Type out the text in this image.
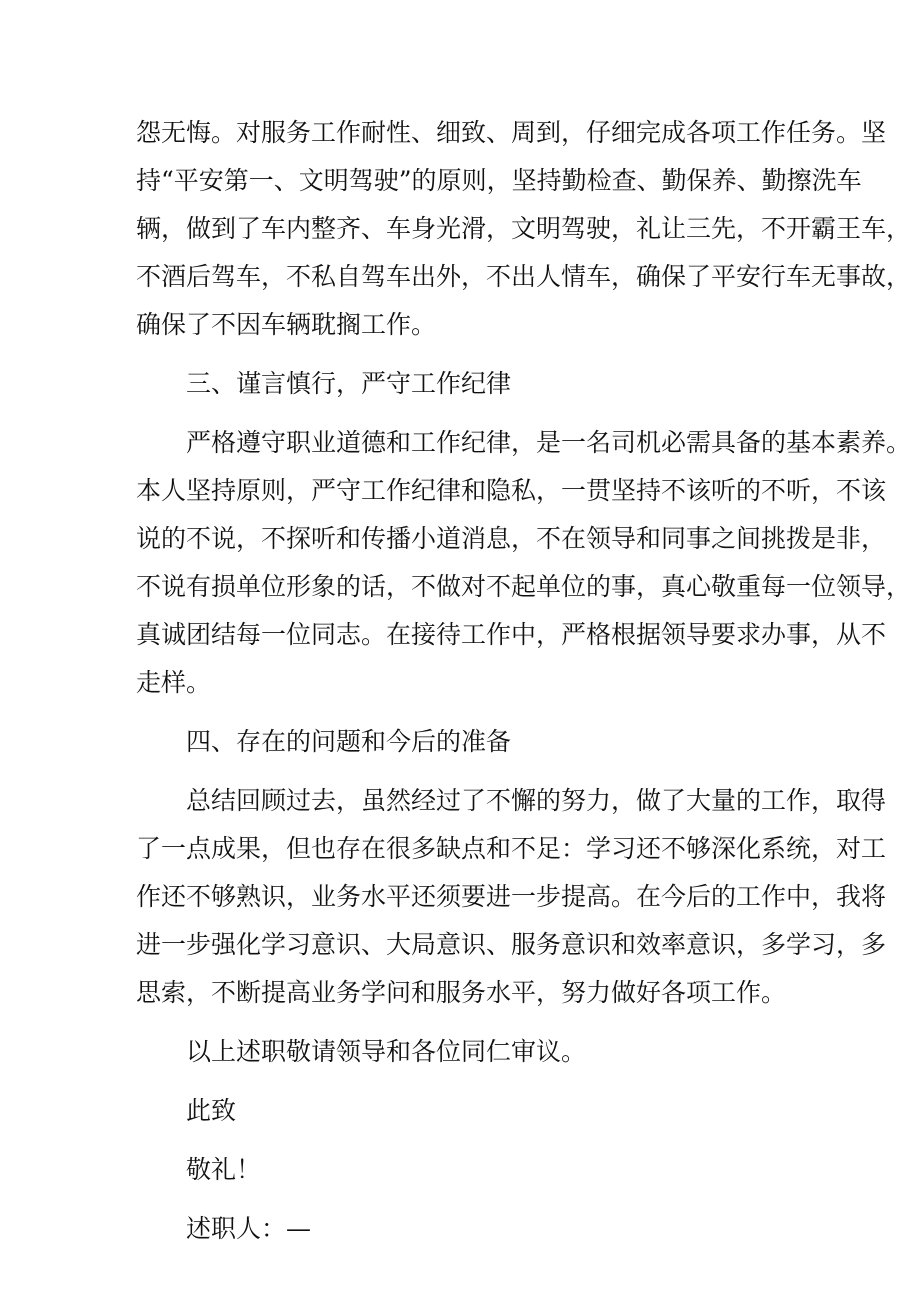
怨无悔。对服务工作耐性、细致、周到，仔细完成各项工作任务。坚
持“平安第一、文明驾驶”的原则，坚持勤检查、勤保养、勤擦洗车
辆，做到了车内整齐、车身光滑，文明驾驶，礼让三先，不开霸王车，
不酒后驾车，不私自驾车出外，不出人情车，确保了平安行车无事故，
确保了不因车辆耽搁工作。
三、谨言慎行，严守工作纪律
严格遵守职业道德和工作纪律，是一名司机必需具备的基本素养。
本人坚持原则，严守工作纪律和隐私，一贯坚持不该听的不听，不该
说的不说，不探听和传播小道消息，不在领导和同事之间挑拨是非，
不说有损单位形象的话，不做对不起单位的事，真心敬重每一位领导，
真诚团结每一位同志。在接待工作中，严格根据领导要求办事，从不
走样。
四、存在的问题和今后的准备
总结回顾过去，虽然经过了不懈的努力，做了大量的工作，取得
了一点成果，但也存在很多缺点和不足：学习还不够深化系统，对工
作还不够熟识，业务水平还须要进一步提高。在今后的工作中，我将
进一步强化学习意识、大局意识、服务意识和效率意识，多学习，多
思索，不断提高业务学问和服务水平，努力做好各项工作。
以上述职敬请领导和各位同仁审议。
此致
敬礼！
述职人：—
